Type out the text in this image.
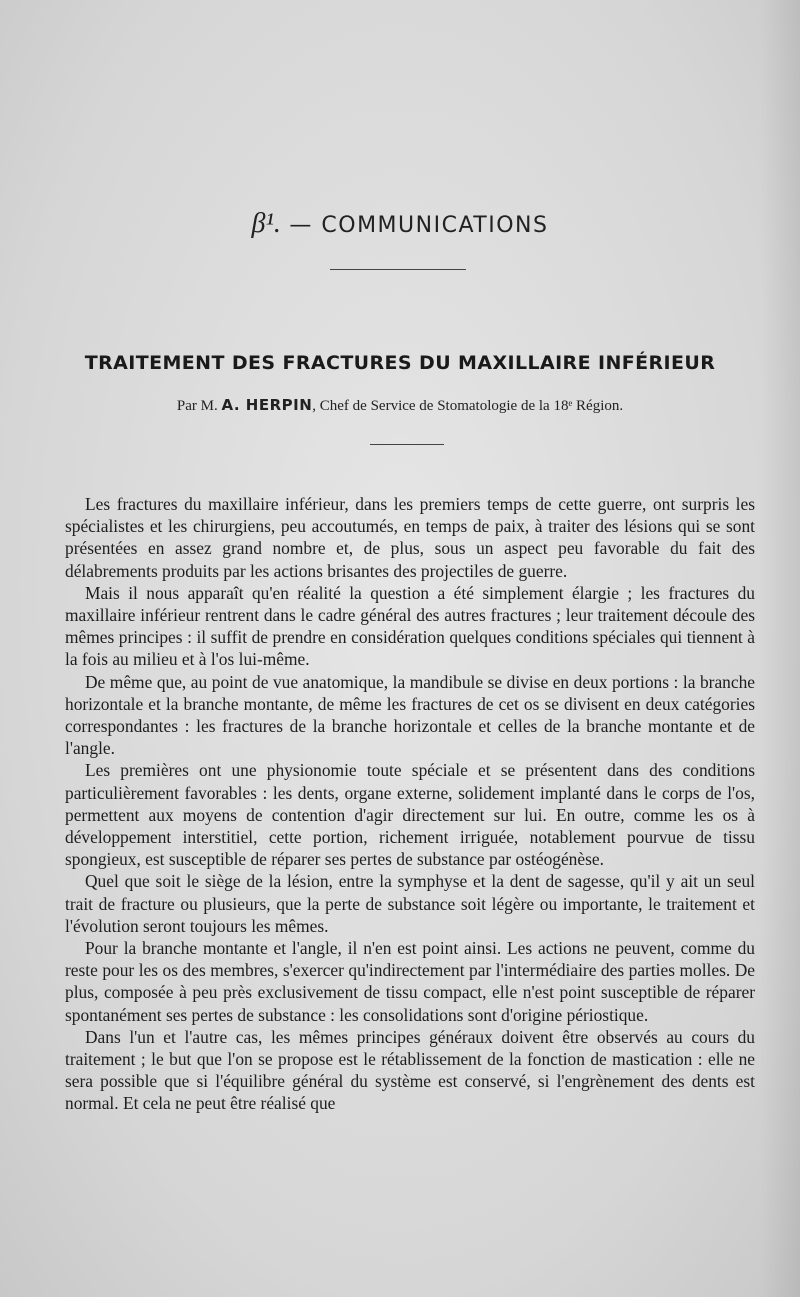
β¹. — COMMUNICATIONS
TRAITEMENT DES FRACTURES DU MAXILLAIRE INFÉRIEUR
Par M. A. HERPIN, Chef de Service de Stomatologie de la 18ᵉ Région.

Les fractures du maxillaire inférieur, dans les premiers temps de cette guerre, ont surpris les spécialistes et les chirurgiens, peu accoutumés, en temps de paix, à traiter des lésions qui se sont présentées en assez grand nombre et, de plus, sous un aspect peu favorable du fait des délabrements produits par les actions brisantes des projectiles de guerre.

Mais il nous apparaît qu'en réalité la question a été simplement élargie ; les fractures du maxillaire inférieur rentrent dans le cadre général des autres fractures ; leur traitement découle des mêmes principes : il suffit de prendre en considération quelques conditions spéciales qui tiennent à la fois au milieu et à l'os lui-même.

De même que, au point de vue anatomique, la mandibule se divise en deux portions : la branche horizontale et la branche montante, de même les fractures de cet os se divisent en deux catégories correspondantes : les fractures de la branche horizontale et celles de la branche montante et de l'angle.

Les premières ont une physionomie toute spéciale et se présentent dans des conditions particulièrement favorables : les dents, organe externe, solidement implanté dans le corps de l'os, permettent aux moyens de contention d'agir directement sur lui. En outre, comme les os à développement interstitiel, cette portion, richement irriguée, notablement pourvue de tissu spongieux, est susceptible de réparer ses pertes de substance par ostéogénèse.

Quel que soit le siège de la lésion, entre la symphyse et la dent de sagesse, qu'il y ait un seul trait de fracture ou plusieurs, que la perte de substance soit légère ou importante, le traitement et l'évolution seront toujours les mêmes.

Pour la branche montante et l'angle, il n'en est point ainsi. Les actions ne peuvent, comme du reste pour les os des membres, s'exercer qu'indirectement par l'intermédiaire des parties molles. De plus, composée à peu près exclusivement de tissu compact, elle n'est point susceptible de réparer spontanément ses pertes de substance : les consolidations sont d'origine périostique.

Dans l'un et l'autre cas, les mêmes principes généraux doivent être observés au cours du traitement ; le but que l'on se propose est le rétablissement de la fonction de mastication : elle ne sera possible que si l'équilibre général du système est conservé, si l'engrènement des dents est normal. Et cela ne peut être réalisé que
